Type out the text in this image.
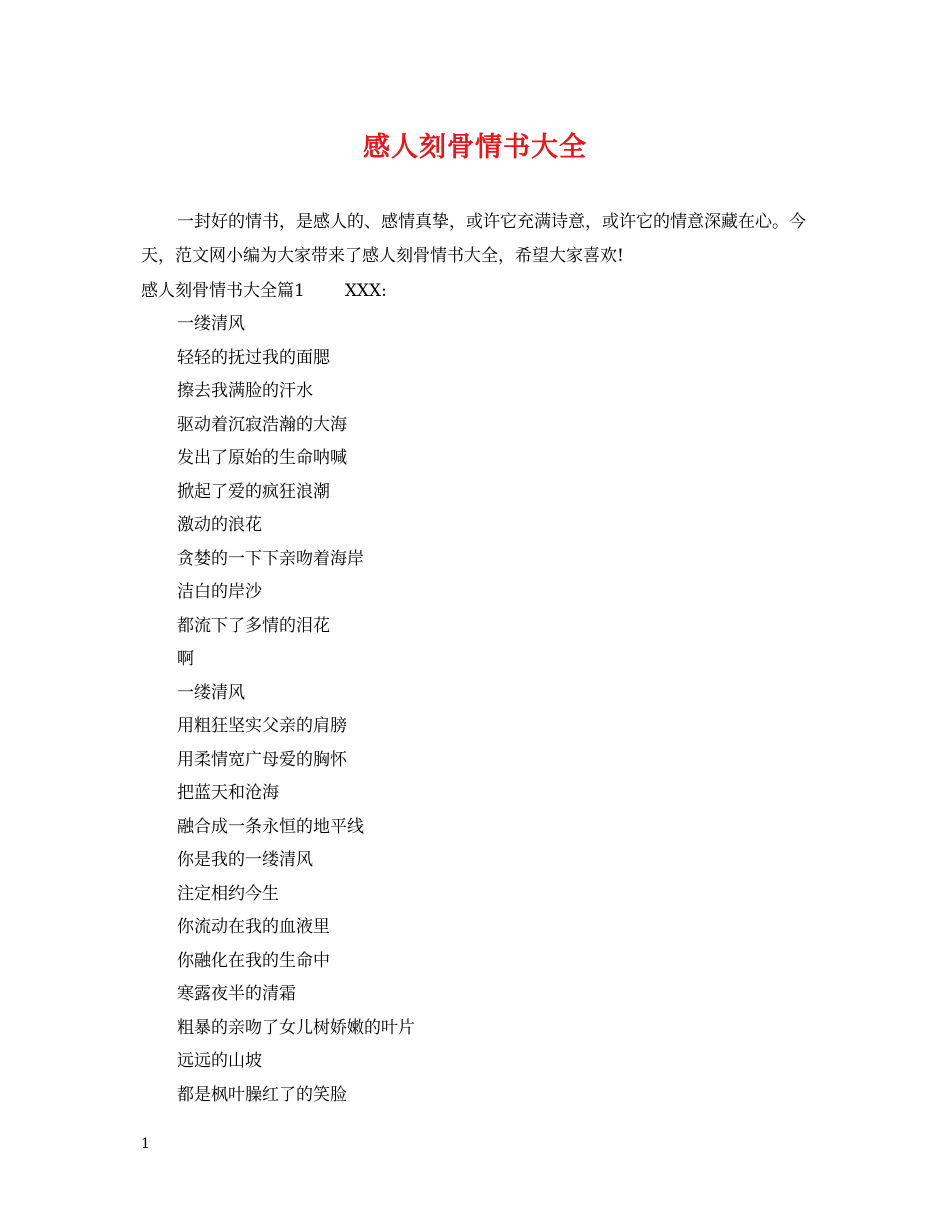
感人刻骨情书大全

一封好的情书，是感人的、感情真挚，或许它充满诗意，或许它的情意深藏在心。今天，范文网小编为大家带来了感人刻骨情书大全，希望大家喜欢!

感人刻骨情书大全篇1 XXX:
一缕清风
轻轻的抚过我的面腮
擦去我满脸的汗水
驱动着沉寂浩瀚的大海
发出了原始的生命呐喊
掀起了爱的疯狂浪潮
激动的浪花
贪婪的一下下亲吻着海岸
洁白的岸沙
都流下了多情的泪花
啊
一缕清风
用粗狂坚实父亲的肩膀
用柔情宽广母爱的胸怀
把蓝天和沧海
融合成一条永恒的地平线
你是我的一缕清风
注定相约今生
你流动在我的血液里
你融化在我的生命中
寒露夜半的清霜
粗暴的亲吻了女儿树娇嫩的叶片
远远的山坡
都是枫叶臊红了的笑脸
1
